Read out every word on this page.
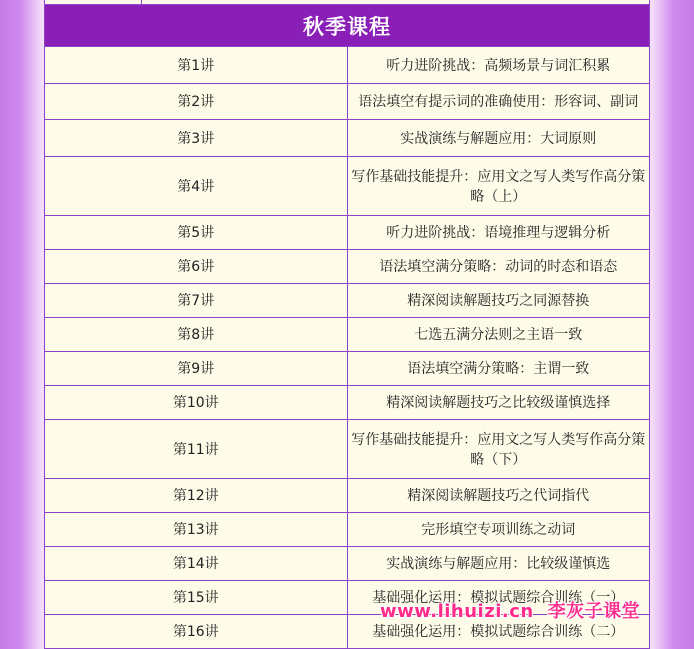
秋季课程	
第1讲	听力进阶挑战：高频场景与词汇积累
第2讲	语法填空有提示词的准确使用：形容词、副词
第3讲	实战演练与解题应用：大词原则
第4讲	写作基础技能提升：应用文之写人类写作高分策略（上）
第5讲	听力进阶挑战：语境推理与逻辑分析
第6讲	语法填空满分策略：动词的时态和语态
第7讲	精深阅读解题技巧之同源替换
第8讲	七选五满分法则之主语一致
第9讲	语法填空满分策略：主谓一致
第10讲	精深阅读解题技巧之比较级谨慎选择
第11讲	写作基础技能提升：应用文之写人类写作高分策略（下）
第12讲	精深阅读解题技巧之代词指代
第13讲	完形填空专项训练之动词
第14讲	实战演练与解题应用：比较级谨慎选
第15讲	基础强化运用：模拟试题综合训练（一）
第16讲	基础强化运用：模拟试题综合训练（二）
www.lihuizi.cn 李灰子课堂
